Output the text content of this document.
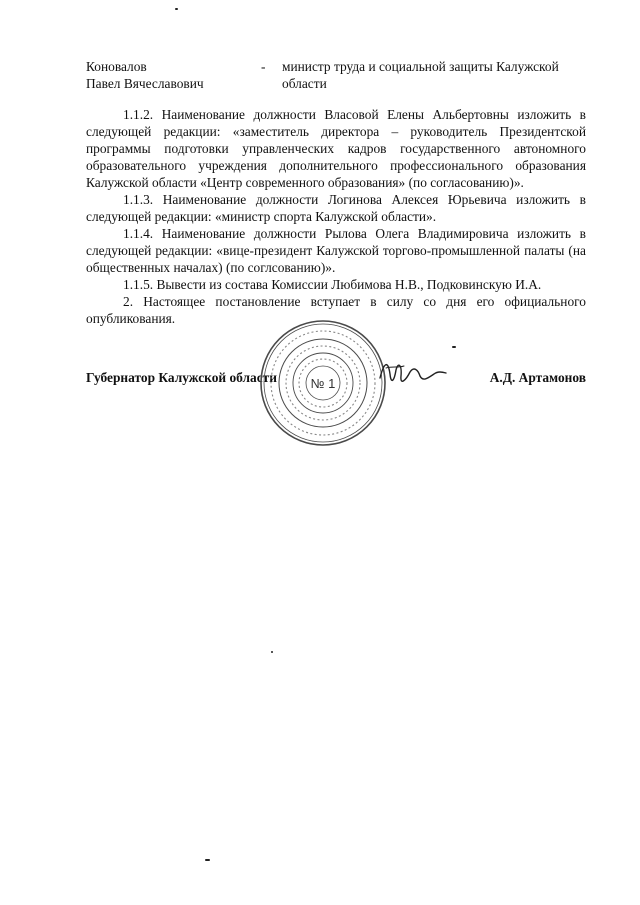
Коновалов
Павел Вячеславович
- министр труда и социальной защиты Калужской области

1.1.2. Наименование должности Власовой Елены Альбертовны изложить в следующей редакции: «заместитель директора – руководитель Президентской программы подготовки управленческих кадров государственного автономного образовательного учреждения дополнительного профессионального образования Калужской области «Центр современного образования» (по согласованию)».

1.1.3. Наименование должности Логинова Алексея Юрьевича изложить в следующей редакции: «министр спорта Калужской области».

1.1.4. Наименование должности Рылова Олега Владимировича изложить в следующей редакции: «вице-президент Калужской торгово-промышленной палаты (на общественных началах) (по соглсованию)».

1.1.5. Вывести из состава Комиссии Любимова Н.В., Подковинскую И.А.

2. Настоящее постановление вступает в силу со дня его официального опубликования.

Губернатор Калужской области	А.Д. Артамонов
№ 1
